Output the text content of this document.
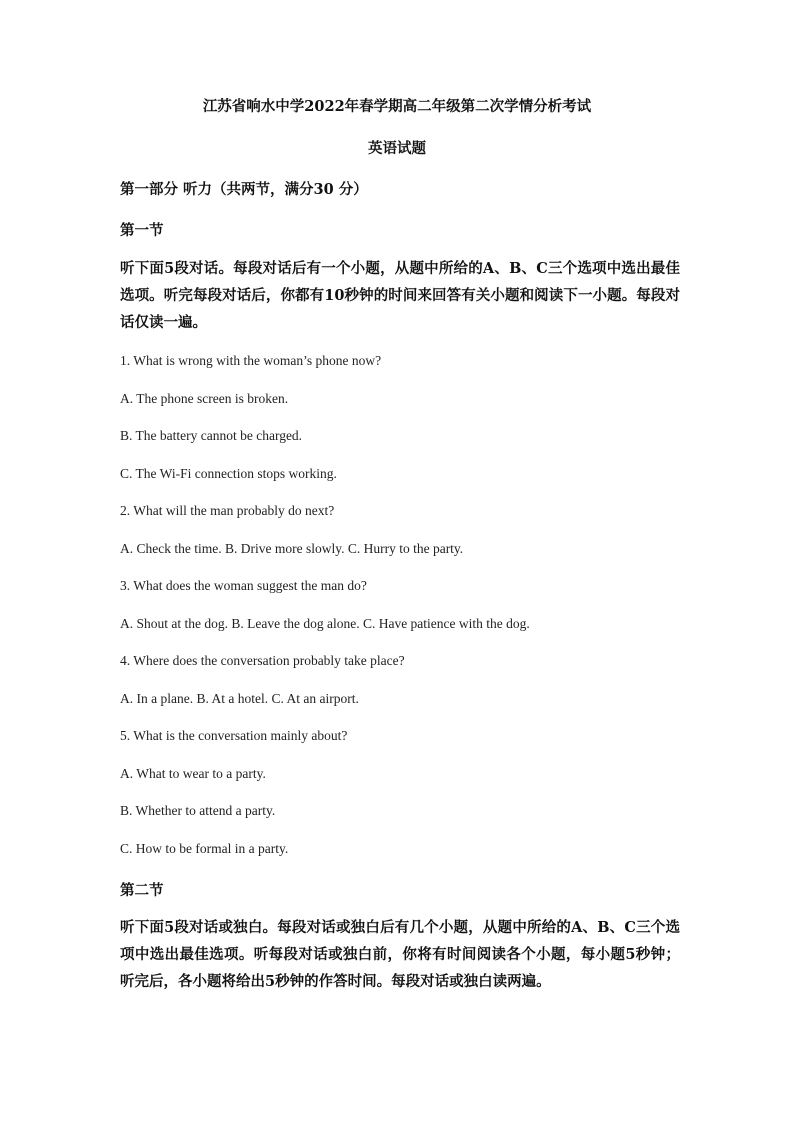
江苏省响水中学2022年春学期高二年级第二次学情分析考试
英语试题
第一部分 听力（共两节，满分30 分）
第一节
听下面5段对话。每段对话后有一个小题，从题中所给的A、B、C三个选项中选出最佳选项。听完每段对话后，你都有10秒钟的时间来回答有关小题和阅读下一小题。每段对话仅读一遍。
1. What is wrong with the woman’s phone now?
A. The phone screen is broken.
B. The battery cannot be charged.
C. The Wi-Fi connection stops working.
2. What will the man probably do next?
A. Check the time. B. Drive more slowly. C. Hurry to the party.
3. What does the woman suggest the man do?
A. Shout at the dog. B. Leave the dog alone. C. Have patience with the dog.
4. Where does the conversation probably take place?
A. In a plane. B. At a hotel. C. At an airport.
5. What is the conversation mainly about?
A. What to wear to a party.
B. Whether to attend a party.
C. How to be formal in a party.
第二节
听下面5段对话或独白。每段对话或独白后有几个小题，从题中所给的A、B、C三个选项中选出最佳选项。听每段对话或独白前，你将有时间阅读各个小题，每小题5秒钟；听完后，各小题将给出5秒钟的作答时间。每段对话或独白读两遍。
